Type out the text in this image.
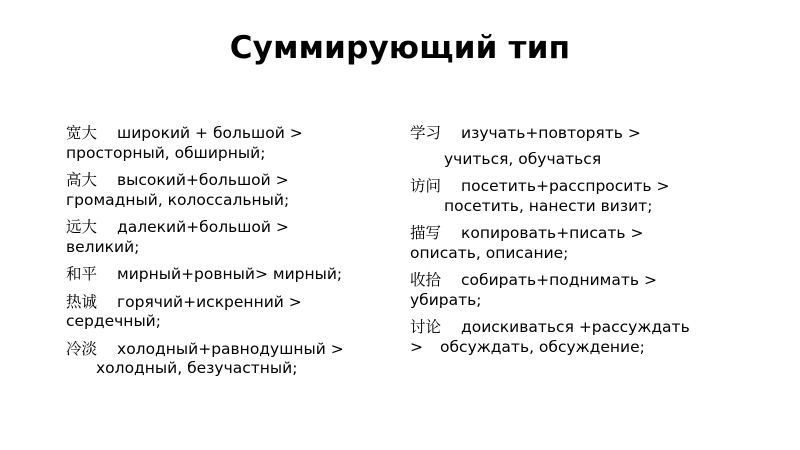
Суммирующий тип
宽大 широкий + большой >
просторный, обширный;
高大 высокий+большой >
громадный, колоссальный;
远大 далекий+большой >
великий;
和平 мирный+ровный> мирный;
热诚 горячий+искренний >
сердечный;
冷淡 холодный+равнодушный >
холодный, безучастный;
学习 изучать+повторять >
учиться, обучаться
访问 посетить+расспросить >
посетить, нанести визит;
描写 копировать+писать >
описать, описание;
收拾 собирать+поднимать >
убирать;
讨论 доискиваться +рассуждать
> обсуждать, обсуждение;
